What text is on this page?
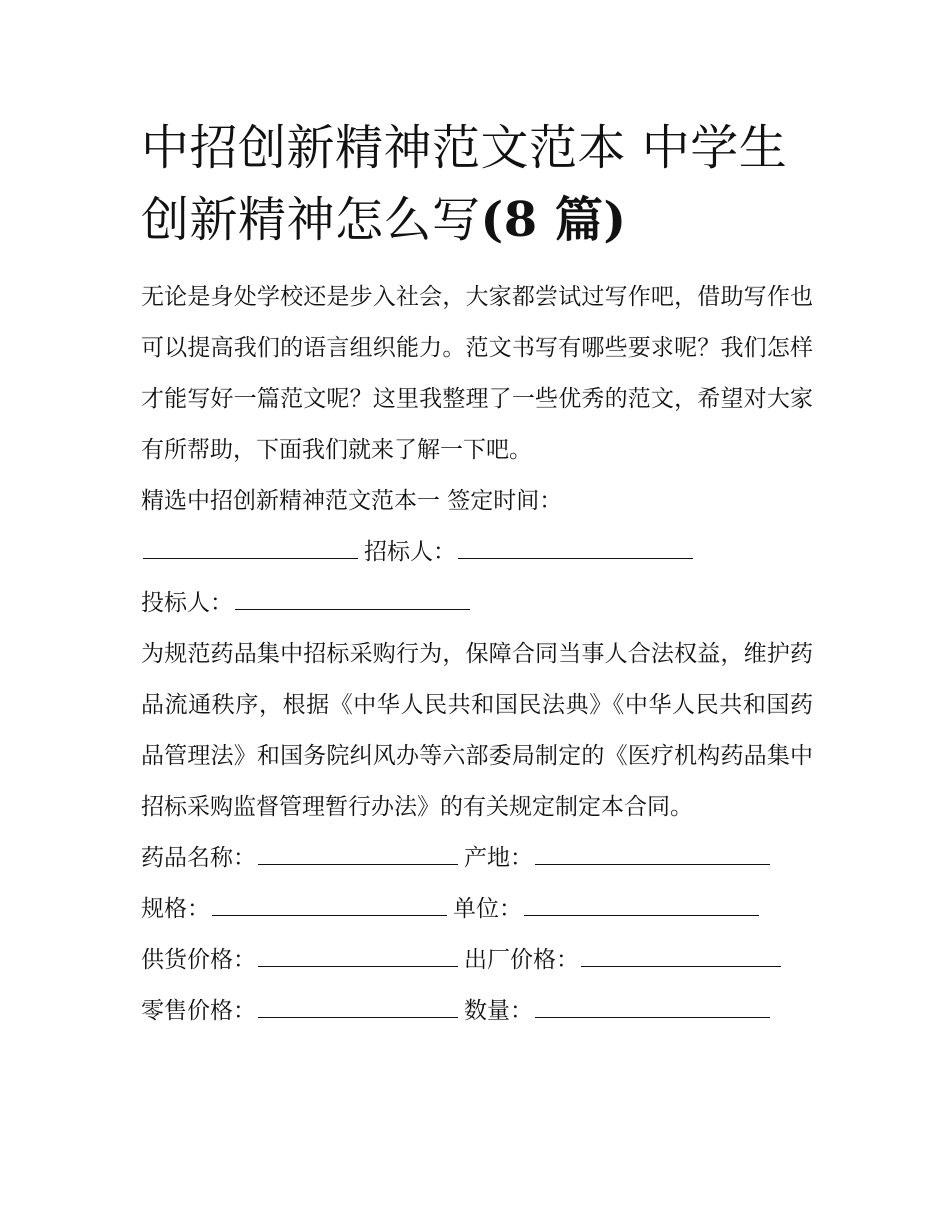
中招创新精神范文范本 中学生创新精神怎么写(8 篇)

无论是身处学校还是步入社会，大家都尝试过写作吧，借助写作也可以提高我们的语言组织能力。范文书写有哪些要求呢？我们怎样才能写好一篇范文呢？这里我整理了一些优秀的范文，希望对大家有所帮助，下面我们就来了解一下吧。

精选中招创新精神范文范本一 签定时间：

招标人：

投标人：

为规范药品集中招标采购行为，保障合同当事人合法权益，维护药品流通秩序，根据《中华人民共和国民法典》《中华人民共和国药品管理法》和国务院纠风办等六部委局制定的《医疗机构药品集中招标采购监督管理暂行办法》的有关规定制定本合同。

药品名称：	产地：

规格：	单位：

供货价格：	出厂价格：

零售价格：	数量：
